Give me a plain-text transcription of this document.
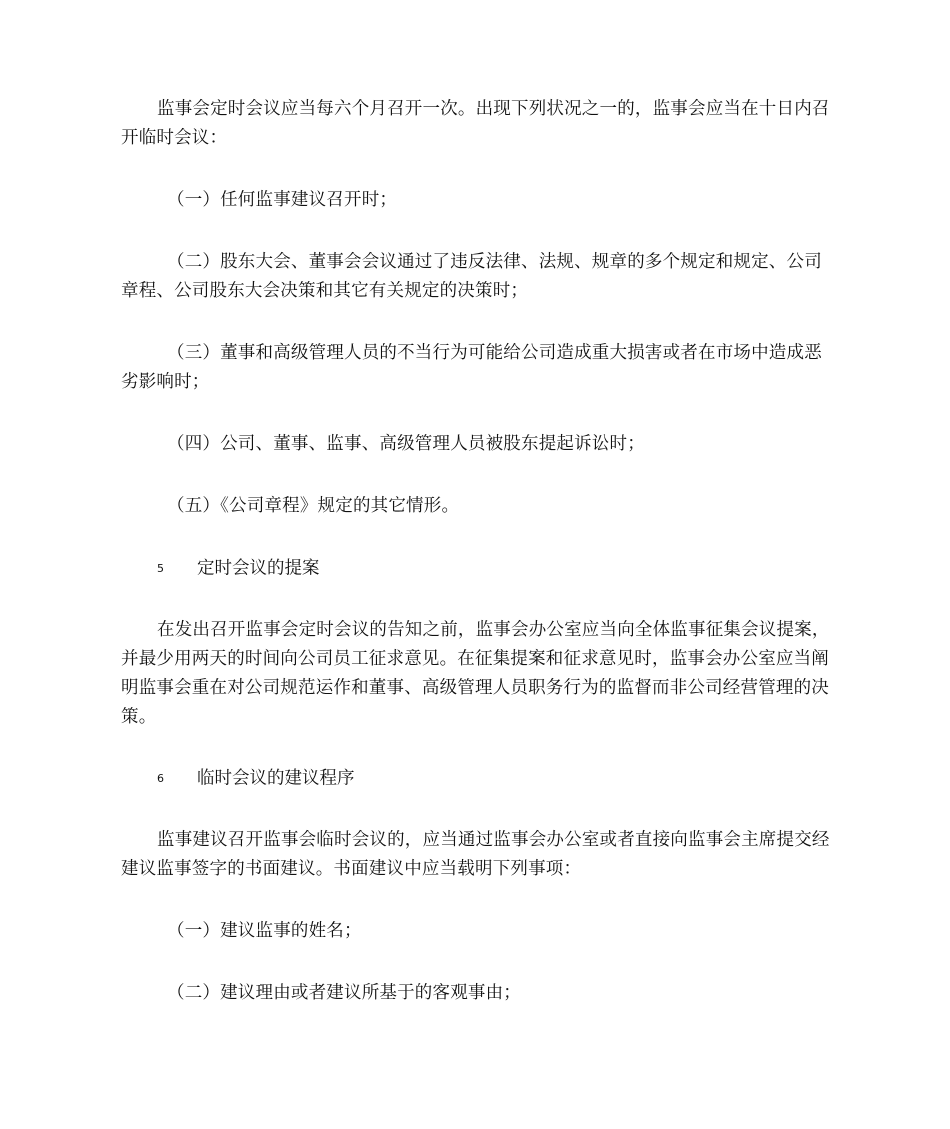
监事会定时会议应当每六个月召开一次。出现下列状况之一的，监事会应当在十日内召开临时会议：

（一）任何监事建议召开时；

（二）股东大会、董事会会议通过了违反法律、法规、规章的多个规定和规定、公司章程、公司股东大会决策和其它有关规定的决策时；

（三）董事和高级管理人员的不当行为可能给公司造成重大损害或者在市场中造成恶劣影响时；

（四）公司、董事、监事、高级管理人员被股东提起诉讼时；

（五）《公司章程》规定的其它情形。

5 定时会议的提案

在发出召开监事会定时会议的告知之前，监事会办公室应当向全体监事征集会议提案，并最少用两天的时间向公司员工征求意见。在征集提案和征求意见时，监事会办公室应当阐明监事会重在对公司规范运作和董事、高级管理人员职务行为的监督而非公司经营管理的决策。

6 临时会议的建议程序

监事建议召开监事会临时会议的，应当通过监事会办公室或者直接向监事会主席提交经建议监事签字的书面建议。书面建议中应当载明下列事项：

（一）建议监事的姓名；

（二）建议理由或者建议所基于的客观事由；
